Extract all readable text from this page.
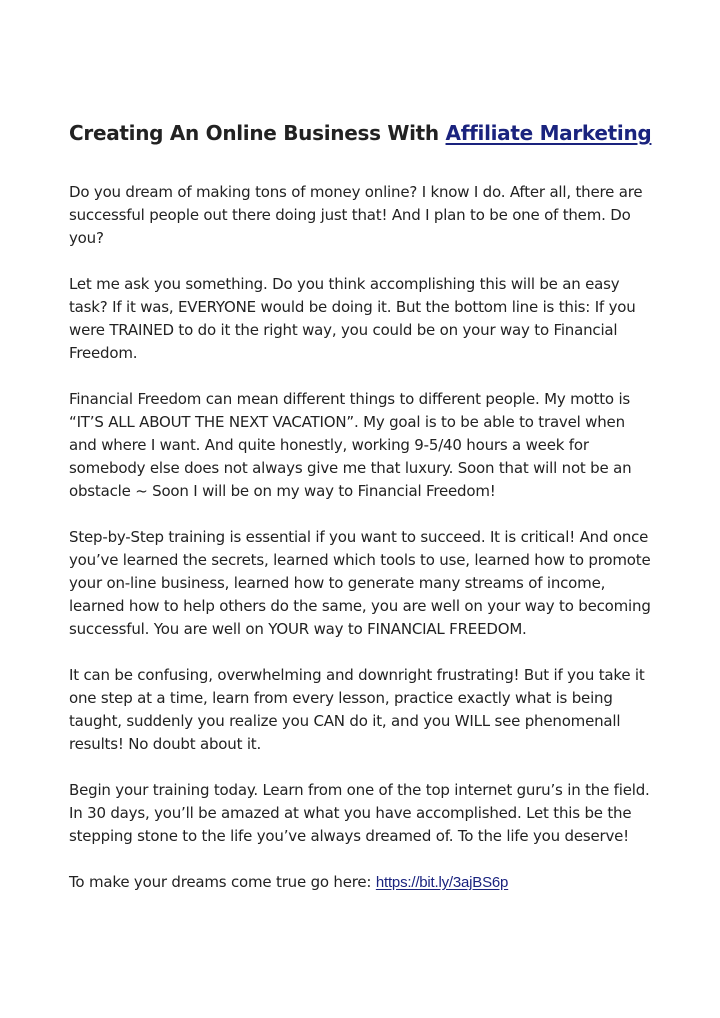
Creating An Online Business With Affiliate Marketing

Do you dream of making tons of money online? I know I do. After all, there are successful people out there doing just that! And I plan to be one of them. Do you?

Let me ask you something. Do you think accomplishing this will be an easy task? If it was, EVERYONE would be doing it. But the bottom line is this: If you were TRAINED to do it the right way, you could be on your way to Financial Freedom.

Financial Freedom can mean different things to different people. My motto is “IT’S ALL ABOUT THE NEXT VACATION”. My goal is to be able to travel when and where I want. And quite honestly, working 9-5/40 hours a week for somebody else does not always give me that luxury. Soon that will not be an obstacle ~ Soon I will be on my way to Financial Freedom!

Step-by-Step training is essential if you want to succeed. It is critical! And once you’ve learned the secrets, learned which tools to use, learned how to promote your on-line business, learned how to generate many streams of income, learned how to help others do the same, you are well on your way to becoming successful. You are well on YOUR way to FINANCIAL FREEDOM.

It can be confusing, overwhelming and downright frustrating! But if you take it one step at a time, learn from every lesson, practice exactly what is being taught, suddenly you realize you CAN do it, and you WILL see phenomenall results! No doubt about it.

Begin your training today. Learn from one of the top internet guru’s in the field. In 30 days, you’ll be amazed at what you have accomplished. Let this be the stepping stone to the life you’ve always dreamed of. To the life you deserve!

To make your dreams come true go here: https://bit.ly/3ajBS6p
